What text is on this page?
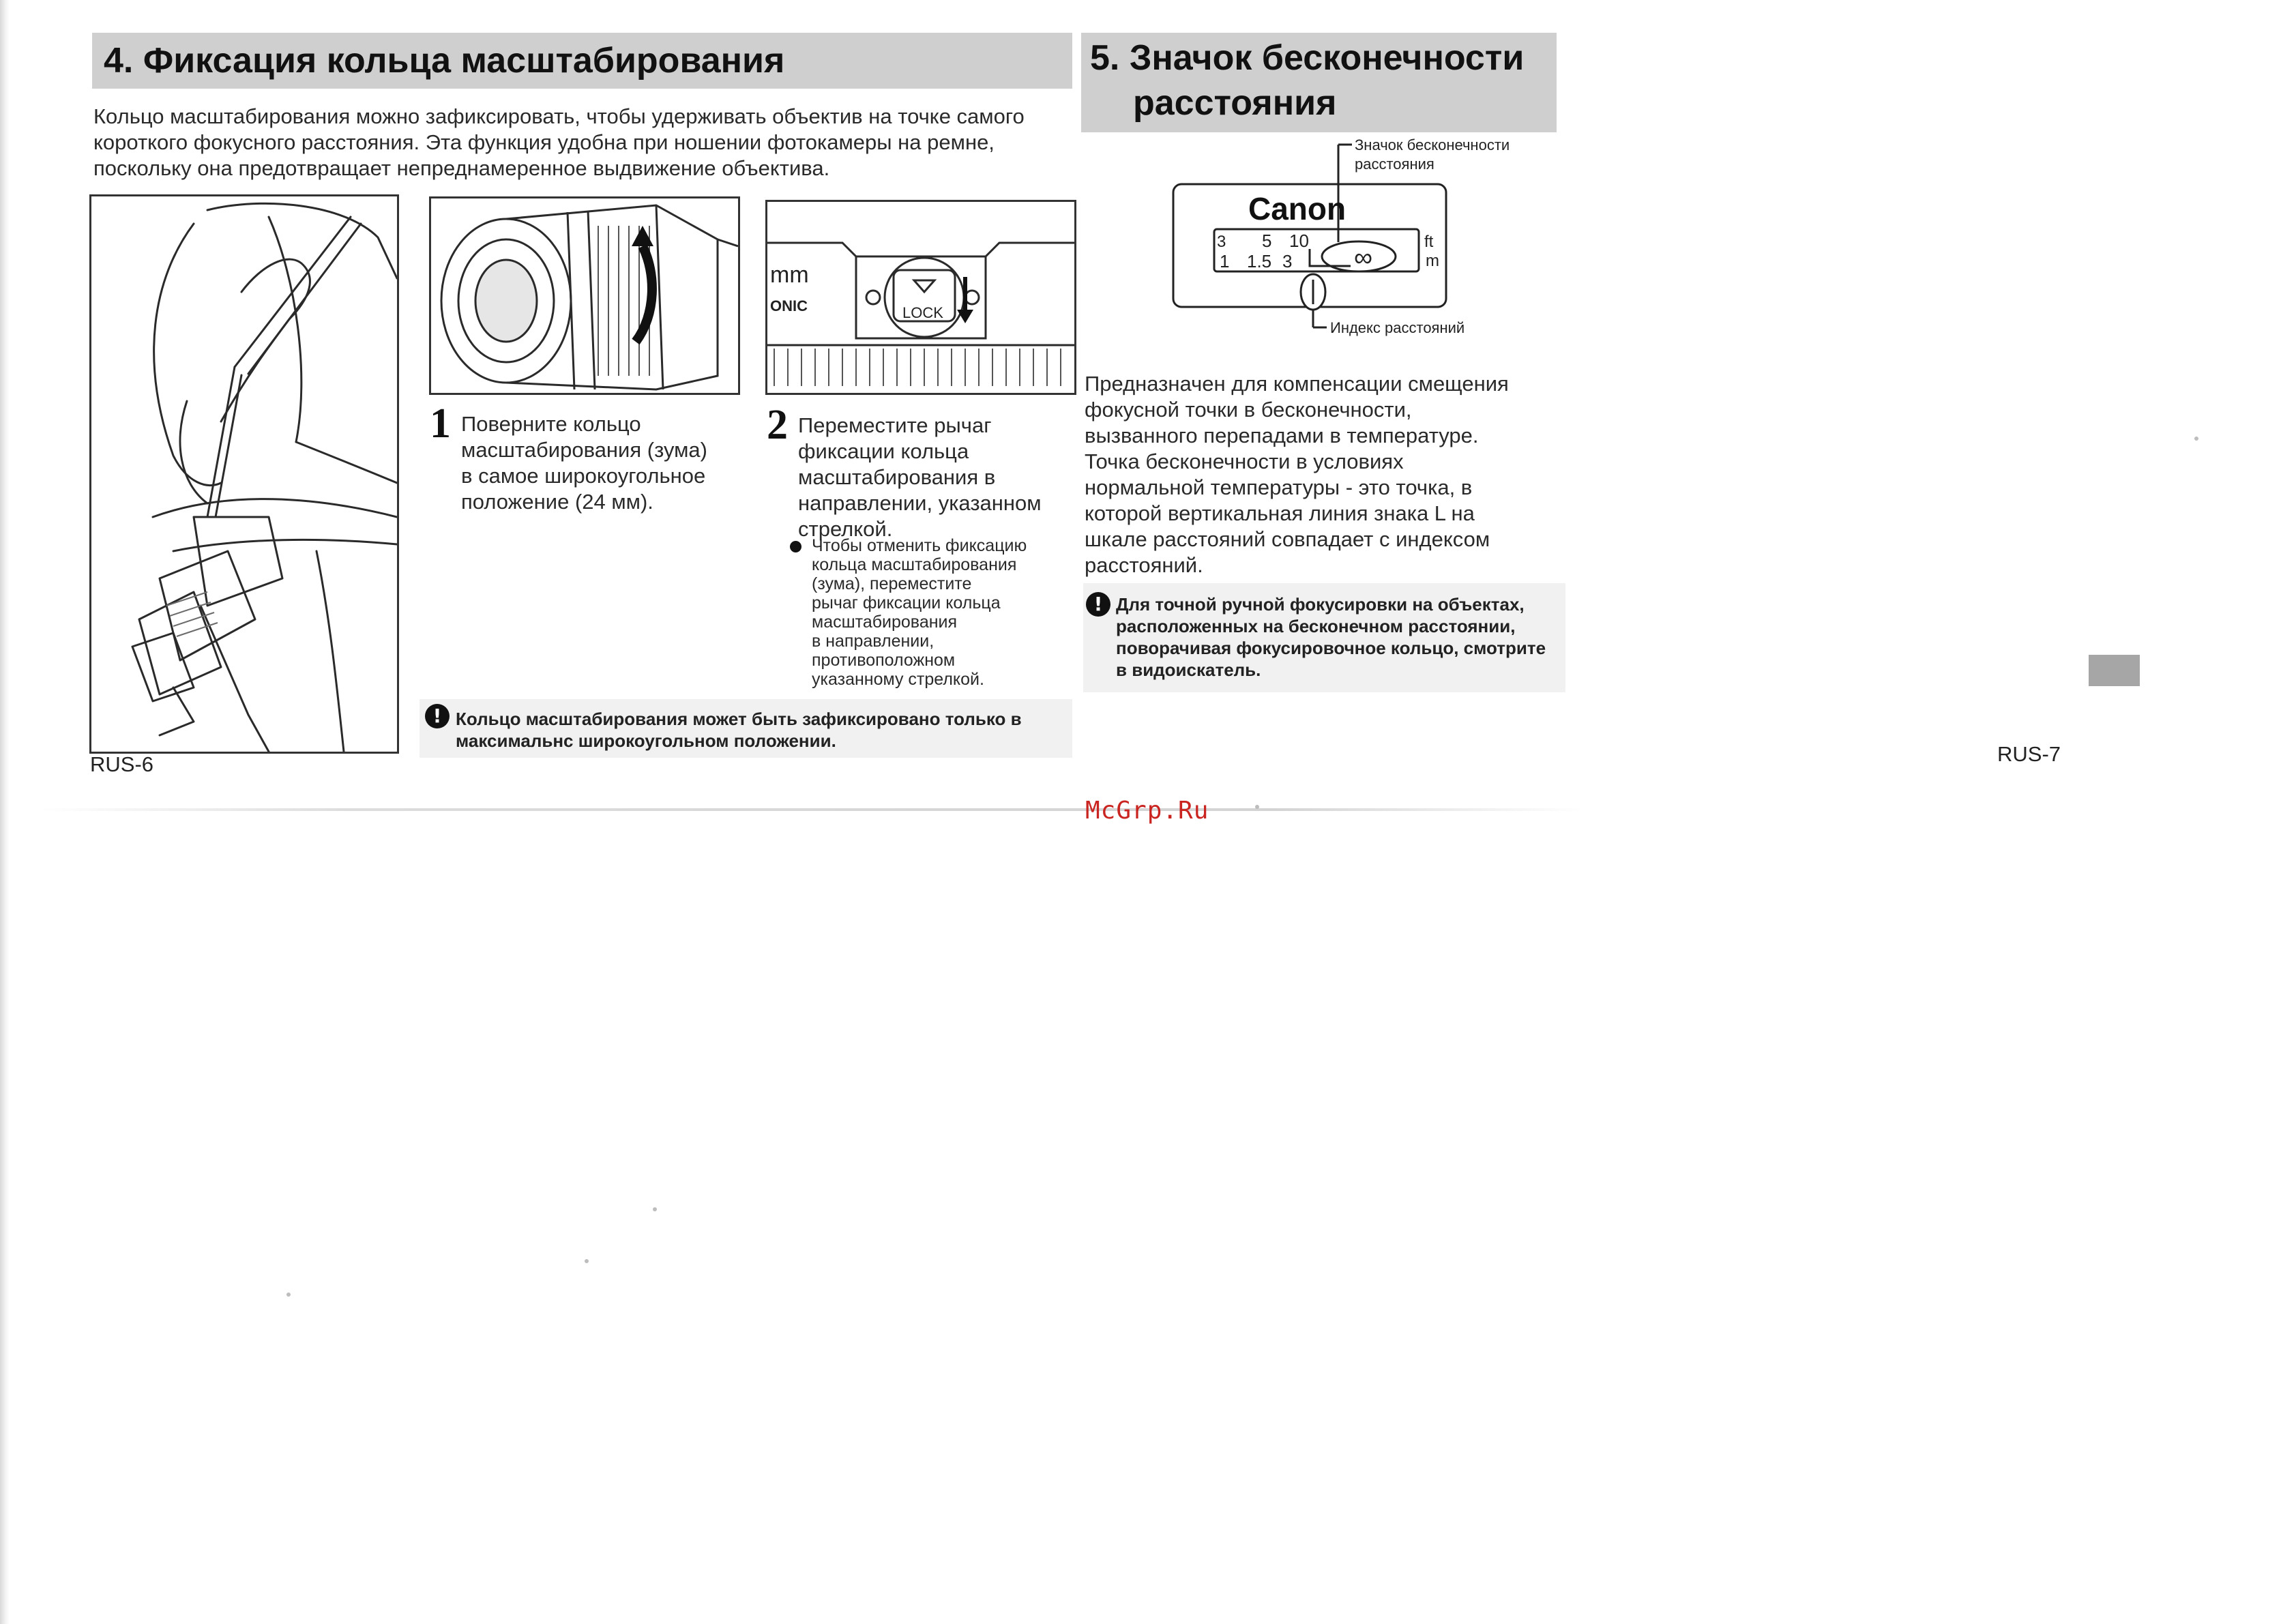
4. Фиксация кольца масштабирования
Кольцо масштабирования можно зафиксировать, чтобы удерживать объектив на точке самого
короткого фокусного расстояния. Эта функция удобна при ношении фотокамеры на ремне,
поскольку она предотвращает непреднамеренное выдвижение объектива.
mm
ONIC	LOCK
1 Поверните кольцо
масштабирования (зума)
в самое широкоугольное
положение (24 мм).
2 Переместите рычаг
фиксации кольца
масштабирования в
направлении, указанном
стрелкой.
Чтобы отменить фиксацию
кольца масштабирования
(зума), переместите
рычаг фиксации кольца
масштабирования
в направлении,
противоположном
указанному стрелкой.
! Кольцо масштабирования может быть зафиксировано только в
максимальнс широкоугольном положении.
RUS-6
5. Значок бесконечности
расстояния
Canon
5 10
3
1 1.5 3 ∞
ft
m
Значок бесконечности
расстояния
Индекс расстояний
Предназначен для компенсации смещения
фокусной точки в бесконечности,
вызванного перепадами в температуре.
Точка бесконечности в условиях
нормальной температуры - это точка, в
которой вертикальная линия знака L на
шкале расстояний совпадает с индексом
расстояний.
! Для точной ручной фокусировки на объектах,
расположенных на бесконечном расстоянии,
поворачивая фокусировочное кольцо, смотрите
в видоискатель.
RUS-7
McGrp.Ru
